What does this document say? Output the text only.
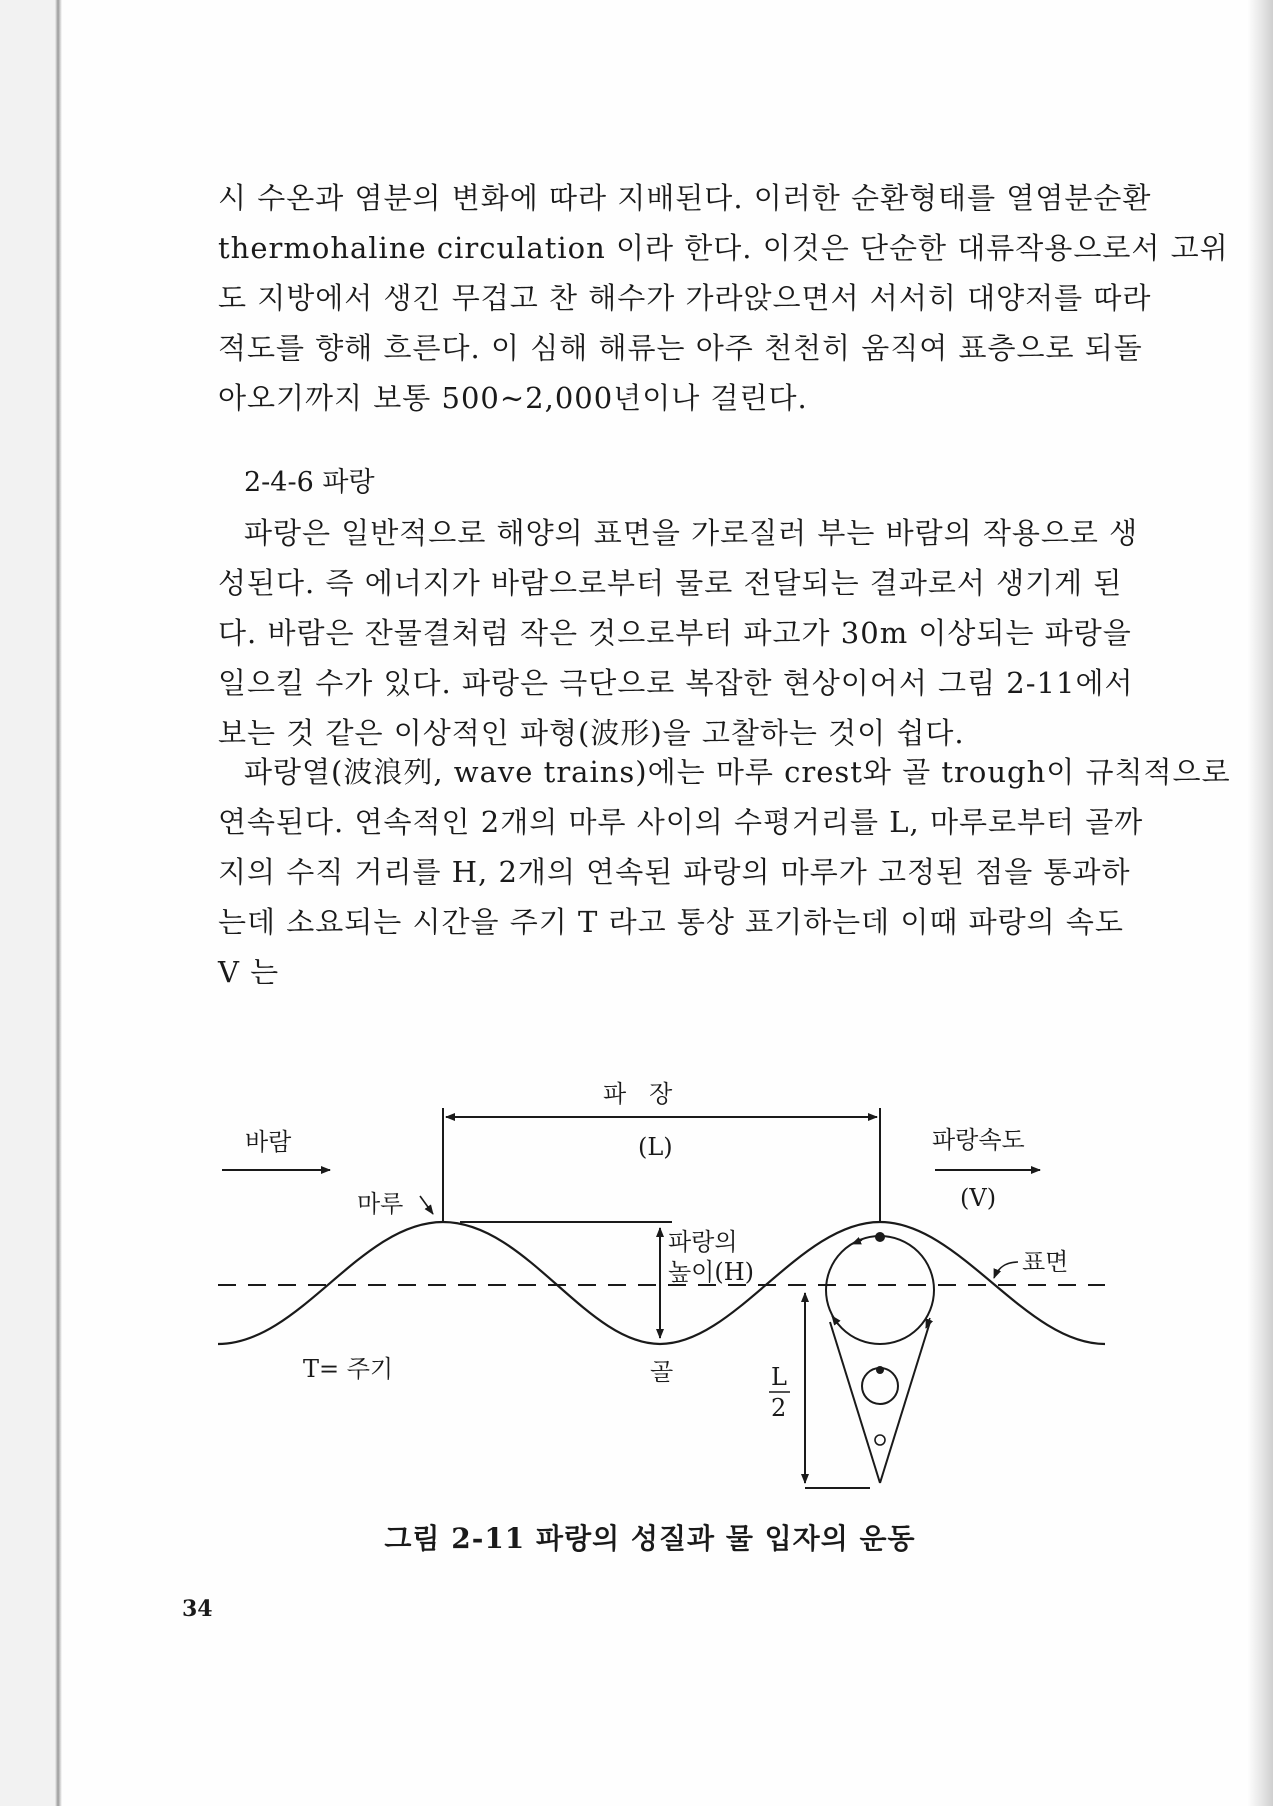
시 수온과 염분의 변화에 따라 지배된다. 이러한 순환형태를 열염분순환
thermohaline circulation 이라 한다. 이것은 단순한 대류작용으로서 고위
도 지방에서 생긴 무겁고 찬 해수가 가라앉으면서 서서히 대양저를 따라
적도를 향해 흐른다. 이 심해 해류는 아주 천천히 움직여 표층으로 되돌
아오기까지 보통 500∼2,000년이나 걸린다.
2-4-6 파랑
파랑은 일반적으로 해양의 표면을 가로질러 부는 바람의 작용으로 생
성된다. 즉 에너지가 바람으로부터 물로 전달되는 결과로서 생기게 된
다. 바람은 잔물결처럼 작은 것으로부터 파고가 30m 이상되는 파랑을
일으킬 수가 있다. 파랑은 극단으로 복잡한 현상이어서 그림 2-11에서
보는 것 같은 이상적인 파형(波形)을 고찰하는 것이 쉽다.
파랑열(波浪列, wave trains)에는 마루 crest와 골 trough이 규칙적으로
연속된다. 연속적인 2개의 마루 사이의 수평거리를 L, 마루로부터 골까
지의 수직 거리를 H, 2개의 연속된 파랑의 마루가 고정된 점을 통과하
는데 소요되는 시간을 주기 T 라고 통상 표기하는데 이때 파랑의 속도
V 는
파   장
(L)
바람	파랑속도
(V)
마루
파랑의
높이(H)	표면
T= 주기	골	L
2
그림 2-11 파랑의 성질과 물 입자의 운동
34
